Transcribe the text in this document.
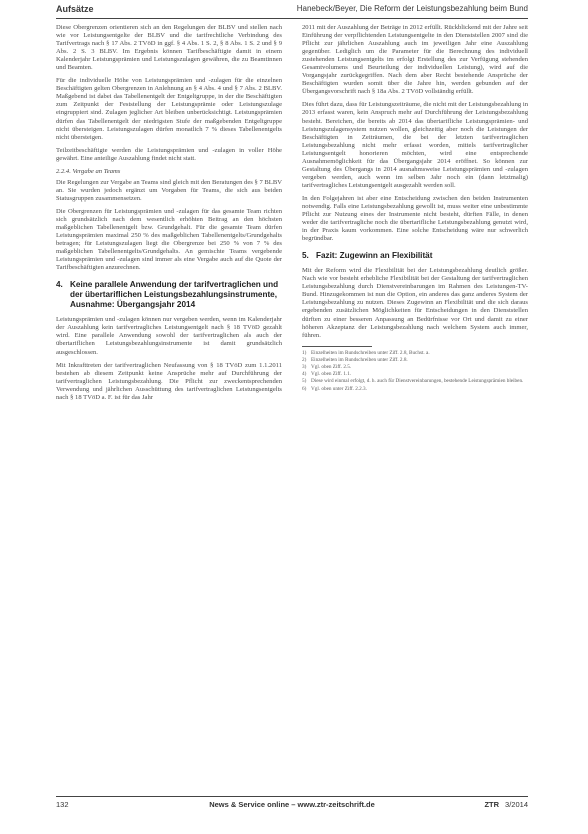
Aufsätze	Hanebeck/Beyer, Die Reform der Leistungsbezahlung beim Bund

Diese Obergrenzen orientieren sich an den Regelungen der BLBV und stellen nach wie vor Leistungsentgelte der BLBV und die tarifrechtliche Verbindung des Tarifvertrags nach § 17 Abs. 2 TVöD in ggf. § 4 Abs. 1 S. 2, § 8 Abs. 1 S. 2 und § 9 Abs. 2 S. 3 BLBV. Im Ergebnis können Tarifbeschäftigte damit in einem Kalenderjahr Leistungsprämien und Leistungszulagen gewähren, die zu Beamtinnen und Beamten.

Für die individuelle Höhe von Leistungsprämien und -zulagen für die einzelnen Beschäftigten gelten Obergrenzen in Anlehnung an § 4 Abs. 4 und § 7 Abs. 2 BLBV. Maßgebend ist dabei das Tabellenentgelt der Entgeltgruppe, in der die Beschäftigten zum Zeitpunkt der Feststellung der Leistungsprämie oder Leistungszulage eingruppiert sind. Zulagen jeglicher Art bleiben unberücksichtigt. Leistungsprämien dürfen das Tabellenentgelt der niedrigsten Stufe der maßgebenden Entgeltgruppe nicht übersteigen. Leistungszulagen dürfen monatlich 7 % dieses Tabellenentgelts nicht übersteigen.

Teilzeitbeschäftigte werden die Leistungsprämien und -zulagen in voller Höhe gewährt. Eine anteilige Auszahlung findet nicht statt.

2.2.4. Vergabe an Teams

Die Regelungen zur Vergabe an Teams sind gleich mit den Beratungen des § 7 BLBV an. Sie wurden jedoch ergänzt um Vorgaben für Teams, die sich aus beiden Statusgruppen zusammensetzen.

Die Obergrenzen für Leistungsprämien und -zulagen für das gesamte Team richten sich grundsätzlich nach dem wesentlich erhöhten Beitrag an den höchsten maßgeblichen Tabellenentgelt bzw. Grundgehalt. Für die gesamte Team dürfen Leistungsprämien maximal 250 % des maßgeblichen Tabellenentgelts/Grundgehalts betragen; für Leistungszulagen liegt die Obergrenze bei 250 % von 7 % des maßgeblichen Tabellenentgelts/Grundgehalts. An gemischte Teams vergebende Leistungsprämien und -zulagen sind immer als eine Vergabe auch auf die Quote der Tarifbeschäftigten anzurechnen.

4. Keine parallele Anwendung der tarifvertraglichen und der übertariflichen Leistungsbezahlungsinstrumente, Ausnahme: Übergangsjahr 2014

Leistungsprämien und -zulagen können nur vergeben werden, wenn im Kalenderjahr der Auszahlung kein tarifvertragliches Leistungsentgelt nach § 18 TVöD gezahlt wird. Eine parallele Anwendung sowohl der tarifvertraglichen als auch der übertariflichen Leistungsbezahlungsinstrumente ist damit grundsätzlich ausgeschlossen.

Mit Inkrafttreten der tarifvertraglichen Neufassung von § 18 TVöD zum 1.1.2011 bestehen ab diesem Zeitpunkt keine Ansprüche mehr auf Durchführung der tarifvertraglichen Leistungsbezahlung. Die Pflicht zur zweckentsprechenden Verwendung und jährlichen Ausschüttung des tarifvertraglichen Leistungsentgelts nach § 18 TVöD a. F. ist für das Jahr

2011 mit der Auszahlung der Beträge in 2012 erfüllt. Rückblickend mit der Jahre seit Einführung der verpflichtenden Leistungsentgelte in den Dienststellen 2007 sind die Pflicht zur jährlichen Auszahlung auch im jeweiligen Jahr eine Auszahlung gegenüber. Lediglich um die Parameter für die Berechnung des individuell zustehenden Leistungsentgelts im erfolgt Erstellung des zur Verfügung stehenden Gesamtvolumens und Beurteilung der individuellen Leistung), wird auf die Vorgangsjahr zurückgegriffen. Nach dem aber Recht bestehende Ansprüche der Beschäftigten wurden somit über die Jahre hin, werden gebunden auf der Übergangsvorschrift nach § 18a Abs. 2 TVöD vollständig erfüllt.

Dies führt dazu, dass für Leistungszeiträume, die nicht mit der Leistungsbezahlung in 2013 erfasst waren, kein Anspruch mehr auf Durchführung der Leistungsbezahlung besteht. Bereichen, die bereits ab 2014 das übertarifliche Leistungsprämien- und Leistungszulagensystem nutzen wollen, gleichzeitig aber noch die Leistungen der Beschäftigten in Zeiträumen, die bei der letzten tarifvertraglichen Leistungsbezahlung nicht mehr erfasst worden, mittels tarifvertraglicher Leistungsentgelt honorieren möchten, wird eine entsprechende Ausnahmemöglichkeit für das Übergangsjahr 2014 eröffnet. So können zur Gestaltung des Übergangs in 2014 ausnahmsweise Leistungsprämien und -zulagen vergeben werden, auch wenn im selben Jahr noch ein (dann letztmalig) tarifvertragliches Leistungsentgelt ausgezahlt werden soll.

In den Folgejahren ist aber eine Entscheidung zwischen den beiden Instrumenten notwendig. Falls eine Leistungsbezahlung gewollt ist, muss weiter eine unbestimmte Pflicht zur Nutzung eines der Instrumente nicht besteht, dürften Fälle, in denen weder die tarifvertragliche noch die übertarifliche Leistungsbezahlung genutzt wird, in der Praxis kaum vorkommen. Eine solche Entscheidung wäre nur schwerlich begründbar.

5. Fazit: Zugewinn an Flexibilität

Mit der Reform wird die Flexibilität bei der Leistungsbezahlung deutlich größer. Nach wie vor besteht erhebliche Flexibilität bei der Gestaltung der tarifvertraglichen Leistungsbezahlung durch Dienstvereinbarungen im Rahmen des Leistungen-TV-Bund. Hinzugekommen ist nun die Option, ein anderes das ganz anderes System der Leistungsbezahlung zu nutzen. Dieses Zugewinn an Flexibilität und die sich daraus ergebenden zusätzlichen Möglichkeiten für Entscheidungen in den Dienststellen dürften zu einer besseren Anpassung an Bedürfnisse vor Ort und damit zu einer höheren Akzeptanz der Leistungsbezahlung nach welchem System auch immer, führen.

1) Einzelheiten im Rundschreiben unter Ziff. 2.8, Buchst. a.
2) Einzelheiten im Rundschreiben unter Ziff. 2.8.
3) Vgl. oben Ziff. 2.5.
4) Vgl. oben Ziff. 1.1.
5) Diese wird einmal erfolgt, d. h. auch für Dienstvereinbarungen, bestehende Leistungsprämien bleiben.
6) Vgl. oben unter Ziff. 2.2.3.
132	News & Service online – www.ztr-zeitschrift.de	ZTR 3/2014
